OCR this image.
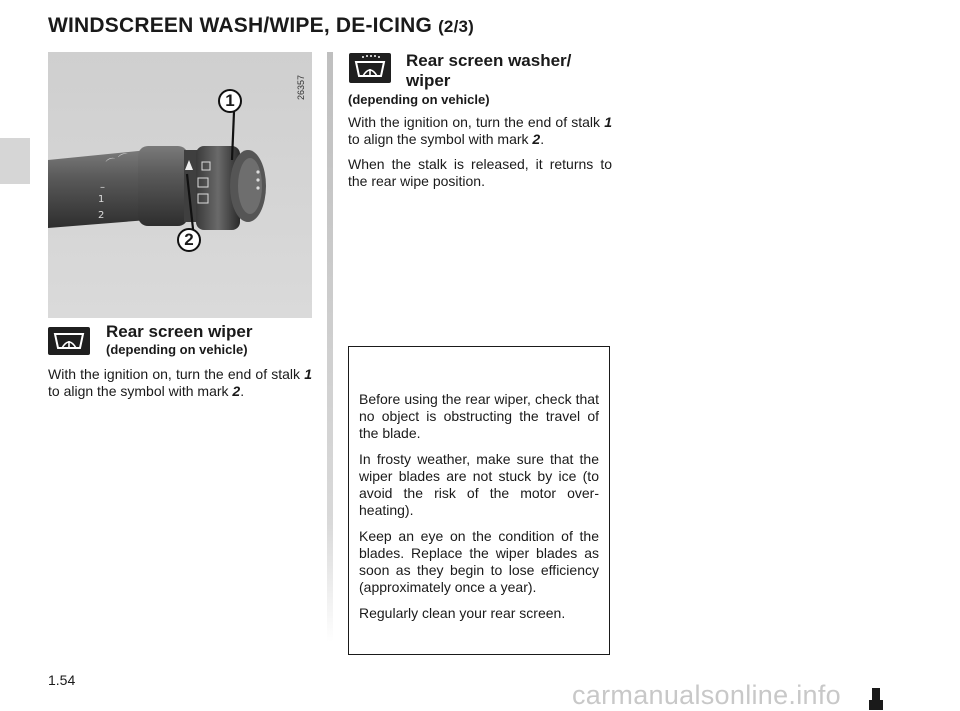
WINDSCREEN WASH/WIPE, DE-ICING (2/3)
⌒ ⌒
–
1
2
1
2
26357
Rear screen wiper
(depending on vehicle)

With the ignition on, turn the end of stalk 1 to align the symbol with mark 2.

Rear screen washer/
wiper
(depending on vehicle)

With the ignition on, turn the end of stalk 1 to align the symbol with mark 2.

When the stalk is released, it returns to the rear wipe position.

Before using the rear wiper, check that no object is obstructing the travel of the blade.

In frosty weather, make sure that the wiper blades are not stuck by ice (to avoid the risk of the motor over-heating).

Keep an eye on the condition of the blades. Replace the wiper blades as soon as they begin to lose efficiency (approximately once a year).

Regularly clean your rear screen.

1.54	carmanualsonline.info
